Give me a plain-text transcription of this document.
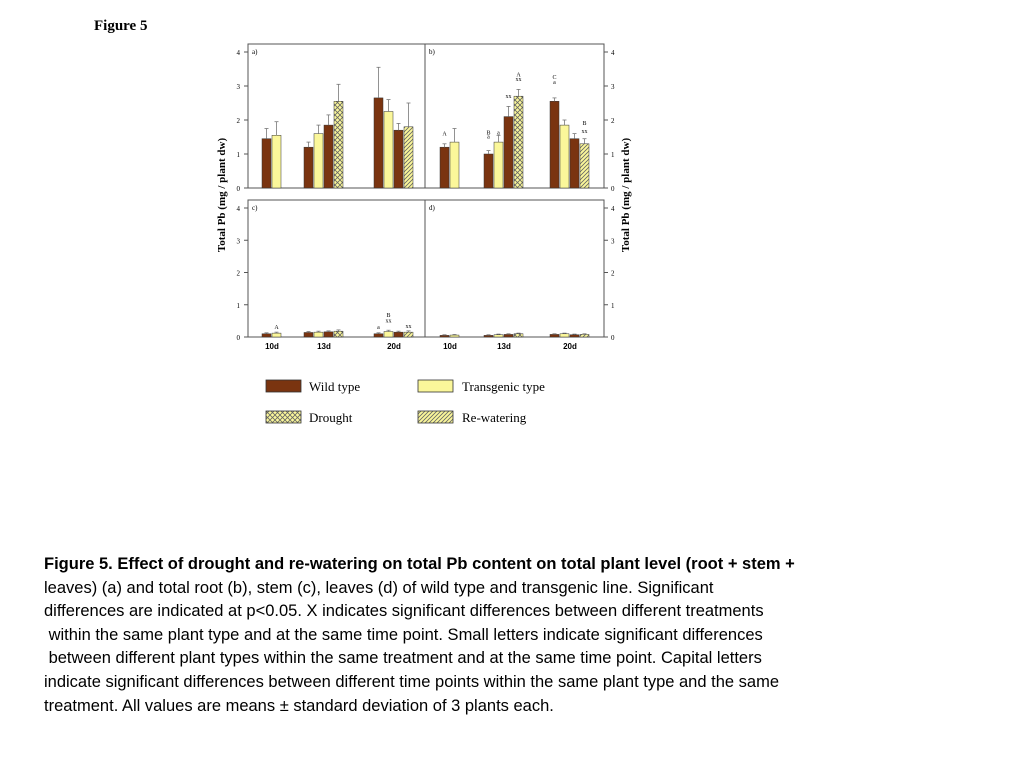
Figure 5
Total Pb (mg / plant dw)	Total Pb (mg / plant dw)
0
1
2
3
4 a)
0
1
2
3
4
b)
A	B
a
a
xx
A
xx	C
a
B
xx
0
1
2
3
4 c)
A	a
B
xx
xx
10d	13d	20d
0
1
2
3
4
d)
10d	13d	20d
Wild type	Transgenic type
Drought	Re-watering
Figure 5. Effect of drought and re-watering on total Pb content on total plant level (root + stem +
leaves) (a) and total root (b), stem (c), leaves (d) of wild type and transgenic line. Significant
differences are indicated at p<0.05. X indicates significant differences between different treatments
within the same plant type and at the same time point. Small letters indicate significant differences
between different plant types within the same treatment and at the same time point. Capital letters
indicate significant differences between different time points within the same plant type and the same
treatment. All values are means ± standard deviation of 3 plants each.
